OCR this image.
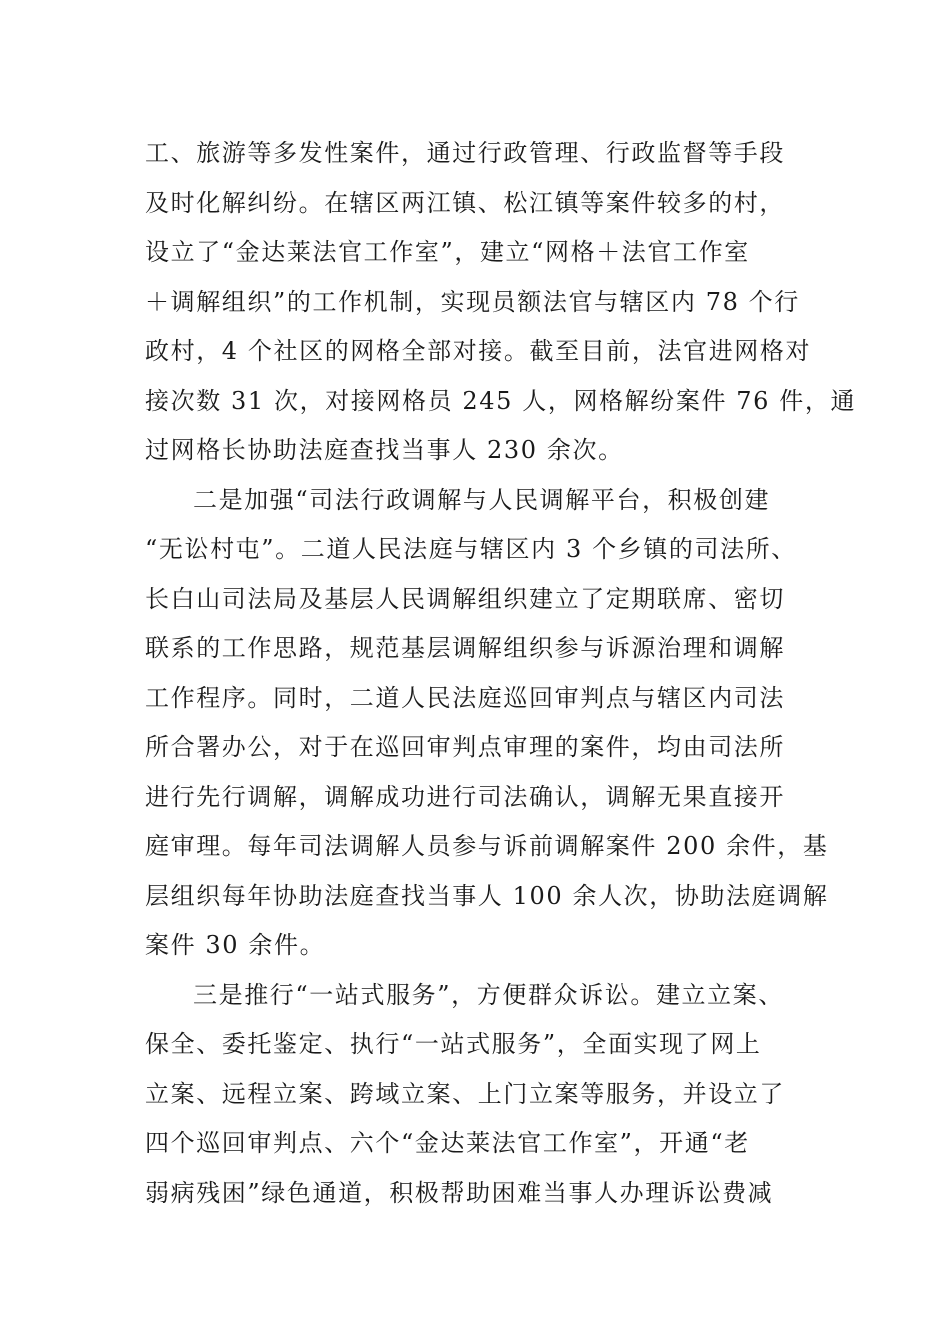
工、旅游等多发性案件，通过行政管理、行政监督等手段

及时化解纠纷。在辖区两江镇、松江镇等案件较多的村，

设立了“金达莱法官工作室”，建立“网格＋法官工作室

＋调解组织”的工作机制，实现员额法官与辖区内 78 个行

政村，4 个社区的网格全部对接。截至目前，法官进网格对

接次数 31 次，对接网格员 245 人，网格解纷案件 76 件，通

过网格长协助法庭查找当事人 230 余次。

二是加强“司法行政调解与人民调解平台，积极创建

“无讼村屯”。二道人民法庭与辖区内 3 个乡镇的司法所、

长白山司法局及基层人民调解组织建立了定期联席、密切

联系的工作思路，规范基层调解组织参与诉源治理和调解

工作程序。同时，二道人民法庭巡回审判点与辖区内司法

所合署办公，对于在巡回审判点审理的案件，均由司法所

进行先行调解，调解成功进行司法确认，调解无果直接开

庭审理。每年司法调解人员参与诉前调解案件 200 余件，基

层组织每年协助法庭查找当事人 100 余人次，协助法庭调解

案件 30 余件。

三是推行“一站式服务”，方便群众诉讼。建立立案、

保全、委托鉴定、执行“一站式服务”，全面实现了网上

立案、远程立案、跨域立案、上门立案等服务，并设立了

四个巡回审判点、六个“金达莱法官工作室”，开通“老

弱病残困”绿色通道，积极帮助困难当事人办理诉讼费减
